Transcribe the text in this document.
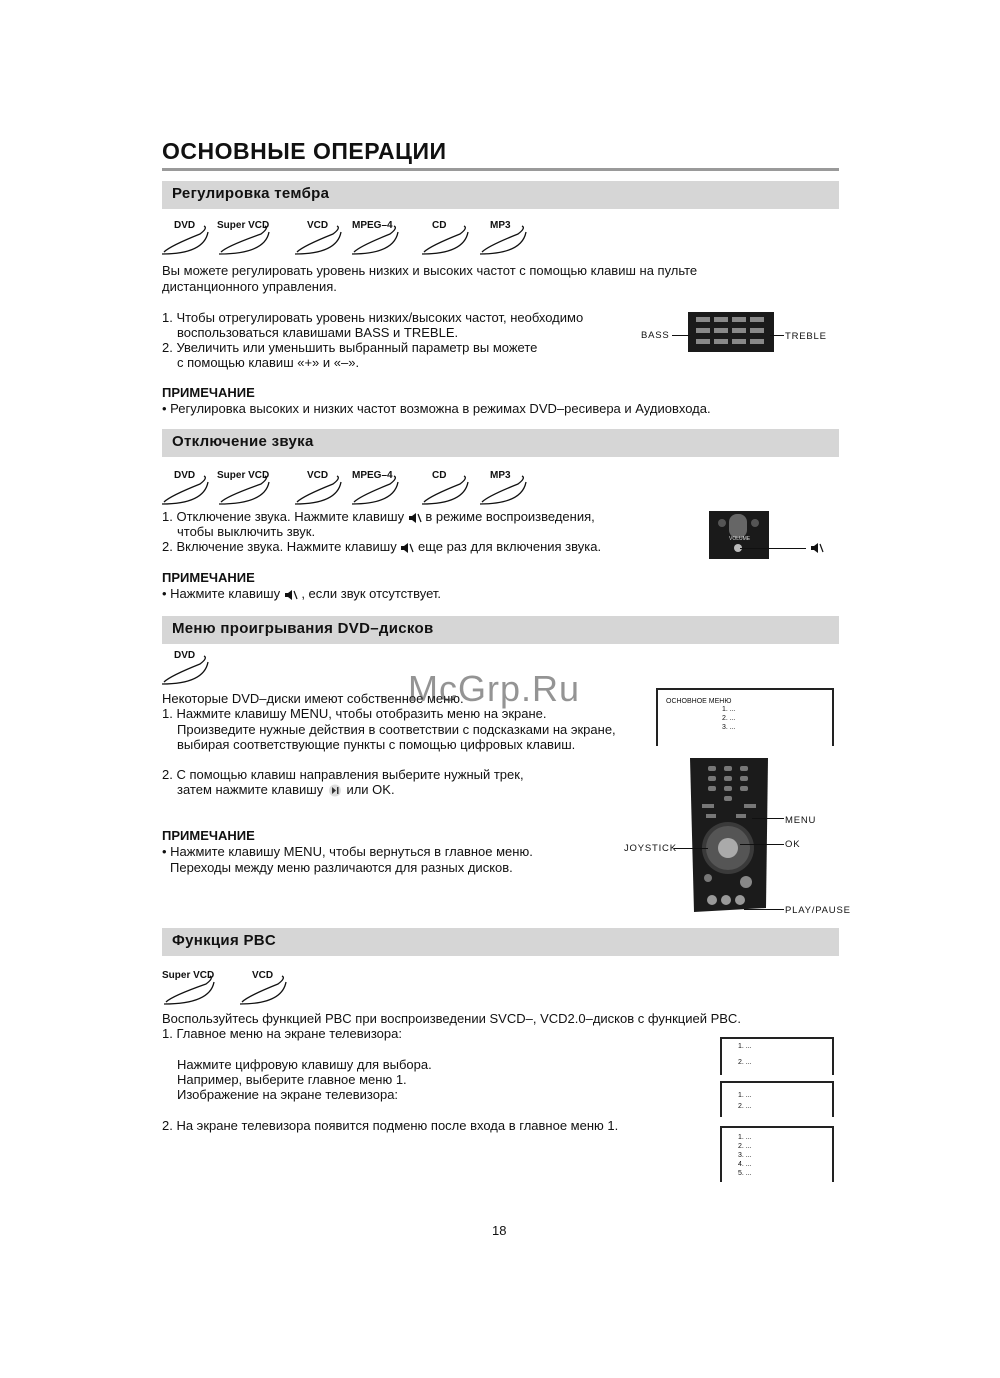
ОСНОВНЫЕ ОПЕРАЦИИ
Регулировка тембра
DVD Super VCD	VCD MPEG–4	CD	MP3
Вы можете регулировать уровень низких и высоких частот с помощью клавиш на пульте
дистанционного управления.
1. Чтобы отрегулировать уровень низких/высоких частот, необходимо
воспользоваться клавишами BASS и TREBLE.
2. Увеличить или уменьшить выбранный параметр вы можете
с помощью клавиш «+» и «–».
BASS	TREBLE
ПРИМЕЧАНИЕ
• Регулировка высоких и низких частот возможна в режимах DVD–ресивера и Аудиовхода.
Отключение звука
DVD Super VCD	VCD MPEG–4	CD	MP3
1. Отключение звука. Нажмите клавишу в режиме воспроизведения,
чтобы выключить звук.
2. Включение звука. Нажмите клавишу еще раз для включения звука.	VOLUME
ПРИМЕЧАНИЕ
• Нажмите клавишу , если звук отсутствует.
Меню проигрывания DVD–дисков
DVD
Некоторые DVD–диски имеют собственное меню.
1. Нажмите клавишу MENU, чтобы отобразить меню на экране.
Произведите нужные действия в соответствии с подсказками на экране,
выбирая соответствующие пункты с помощью цифровых клавиш.
2. С помощью клавиш направления выберите нужный трек,
затем нажмите клавишу или OK.
ПРИМЕЧАНИЕ
• Нажмите клавишу MENU, чтобы вернуться в главное меню.
Переходы между меню различаются для разных дисков.
ОСНОВНОЕ МЕНЮ
1. ...
2. ...
3. ...
MENU
OK
JOYSTICK
PLAY/PAUSE
McGrp.Ru
Функция PBC
Super VCD	VCD
Воспользуйтесь функцией PBC при воспроизведении SVCD–, VCD2.0–дисков с функцией PBC.
1. Главное меню на экране телевизора:
Нажмите цифровую клавишу для выбора.
Например, выберите главное меню 1.
Изображение на экране телевизора:
2. На экране телевизора появится подменю после входа в главное меню 1.
1. ...
2. ...
1. ...
2. ...
1. ...
2. ...
3. ...
4. ...
5. ...
18
